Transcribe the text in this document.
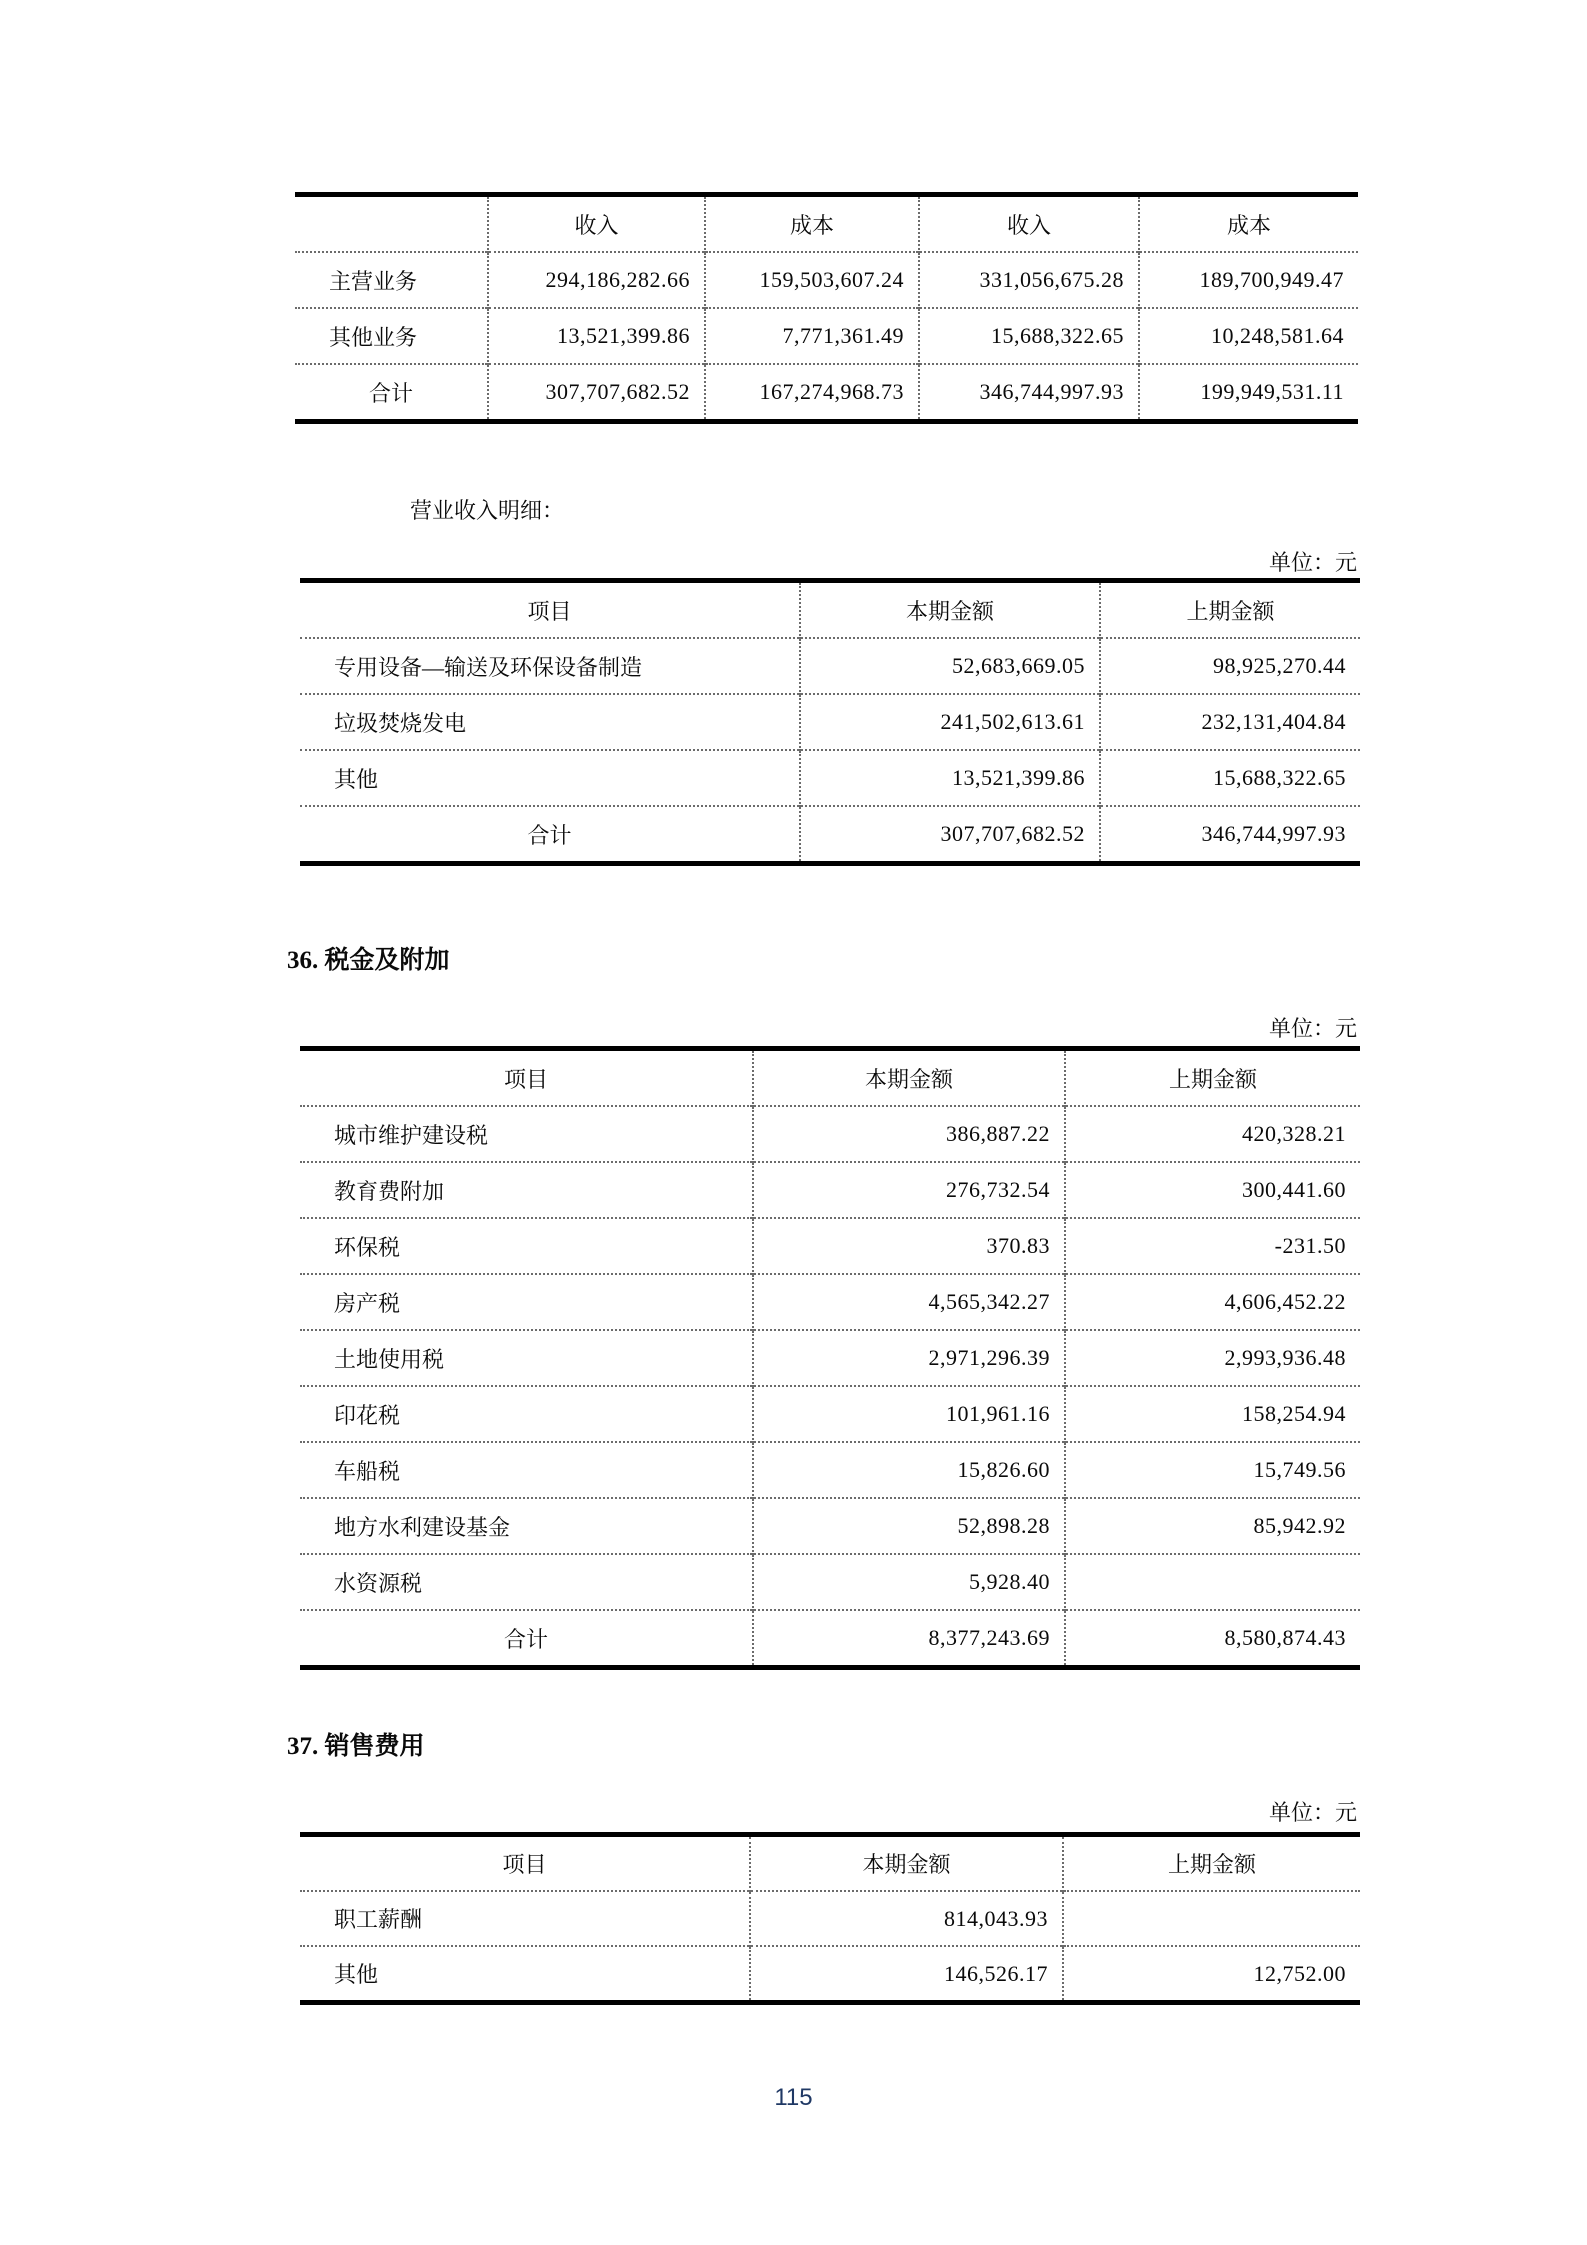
	收入	成本	收入	成本
主营业务	294,186,282.66	159,503,607.24	331,056,675.28	189,700,949.47
其他业务	13,521,399.86	7,771,361.49	15,688,322.65	10,248,581.64
合计	307,707,682.52	167,274,968.73	346,744,997.93	199,949,531.11
营业收入明细：
单位：元
项目	本期金额	上期金额
专用设备—输送及环保设备制造	52,683,669.05	98,925,270.44
垃圾焚烧发电	241,502,613.61	232,131,404.84
其他	13,521,399.86	15,688,322.65
合计	307,707,682.52	346,744,997.93
36. 税金及附加
单位：元
项目	本期金额	上期金额
城市维护建设税	386,887.22	420,328.21
教育费附加	276,732.54	300,441.60
环保税	370.83	-231.50
房产税	4,565,342.27	4,606,452.22
土地使用税	2,971,296.39	2,993,936.48
印花税	101,961.16	158,254.94
车船税	15,826.60	15,749.56
地方水利建设基金	52,898.28	85,942.92
水资源税	5,928.40	
合计	8,377,243.69	8,580,874.43
37. 销售费用
单位：元
项目	本期金额	上期金额
职工薪酬	814,043.93	
其他	146,526.17	12,752.00
115
